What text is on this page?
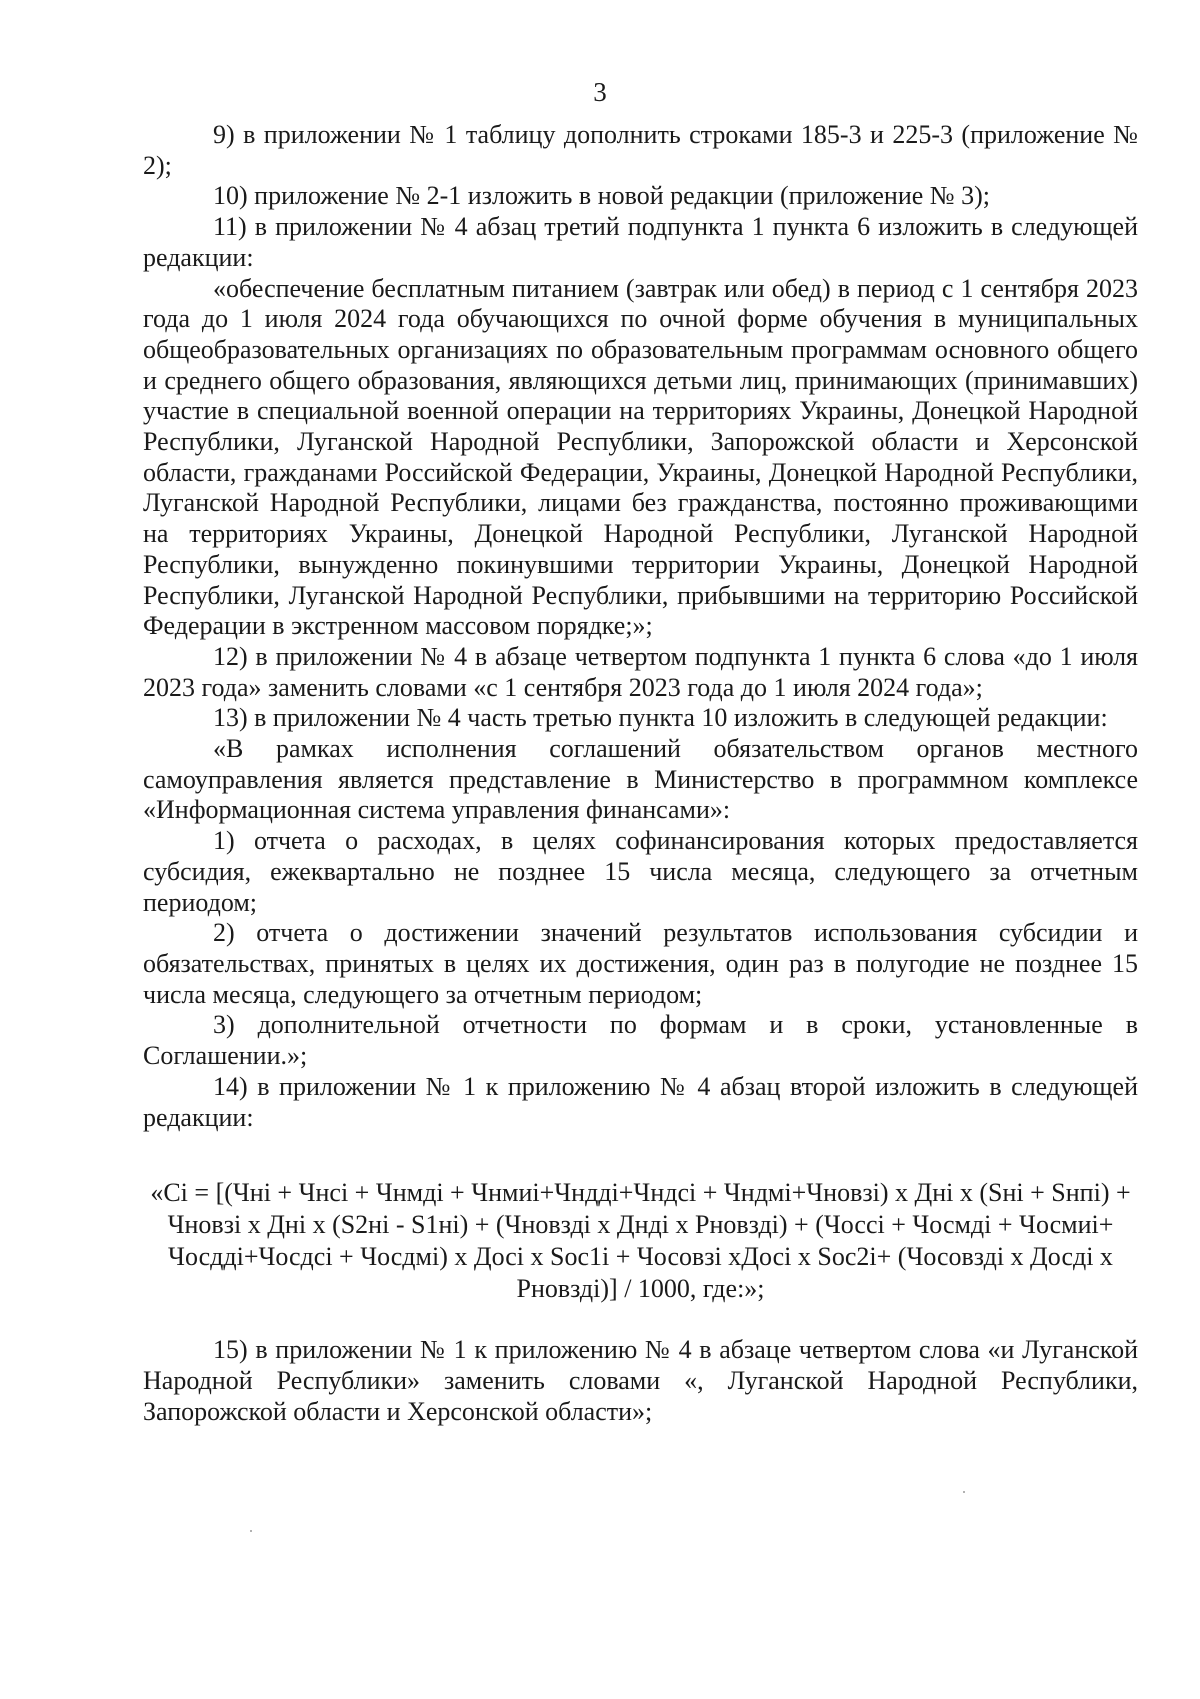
3

9) в приложении № 1 таблицу дополнить строками 185-3 и 225-3 (приложение № 2);

10) приложение № 2-1 изложить в новой редакции (приложение № 3);

11) в приложении № 4 абзац третий подпункта 1 пункта 6 изложить в следующей редакции:

«обеспечение бесплатным питанием (завтрак или обед) в период с 1 сентября 2023 года до 1 июля 2024 года обучающихся по очной форме обучения в муниципальных общеобразовательных организациях по образовательным программам основного общего и среднего общего образования, являющихся детьми лиц, принимающих (принимавших) участие в специальной военной операции на территориях Украины, Донецкой Народной Республики, Луганской Народной Республики, Запорожской области и Херсонской области, гражданами Российской Федерации, Украины, Донецкой Народной Республики, Луганской Народной Республики, лицами без гражданства, постоянно проживающими на территориях Украины, Донецкой Народной Республики, Луганской Народной Республики, вынужденно покинувшими территории Украины, Донецкой Народной Республики, Луганской Народной Республики, прибывшими на территорию Российской Федерации в экстренном массовом порядке;»;

12) в приложении № 4 в абзаце четвертом подпункта 1 пункта 6 слова «до 1 июля 2023 года» заменить словами «с 1 сентября 2023 года до 1 июля 2024 года»;

13) в приложении № 4 часть третью пункта 10 изложить в следующей редакции:

«В рамках исполнения соглашений обязательством органов местного самоуправления является представление в Министерство в программном комплексе «Информационная система управления финансами»:

1) отчета о расходах, в целях софинансирования которых предоставляется субсидия, ежеквартально не позднее 15 числа месяца, следующего за отчетным периодом;

2) отчета о достижении значений результатов использования субсидии и обязательствах, принятых в целях их достижения, один раз в полугодие не позднее 15 числа месяца, следующего за отчетным периодом;

3) дополнительной отчетности по формам и в сроки, установленные в Соглашении.»;

14) в приложении № 1 к приложению № 4 абзац второй изложить в следующей редакции:

«Ci = [(Чнi + Чнсi + Чнмдi + Чнмиi+Чнддi+Чндсi + Чндмi+Чновзi) x Днi x (Sнi + Sнпi) + Чновзi x Днi x (S2нi - S1нi) + (Чновздi x Дндi x Рновздi) + (Чоссi + Чосмдi + Чосмиi+ Чосддi+Чосдсi + Чосдмi) x Досi x Soc1i + Чосовзi xДосi x Soc2i+ (Чосовздi x Досдi x Рновздi)] / 1000, где:»;

15) в приложении № 1 к приложению № 4 в абзаце четвертом слова «и Луганской Народной Республики» заменить словами «, Луганской Народной Республики, Запорожской области и Херсонской области»;
